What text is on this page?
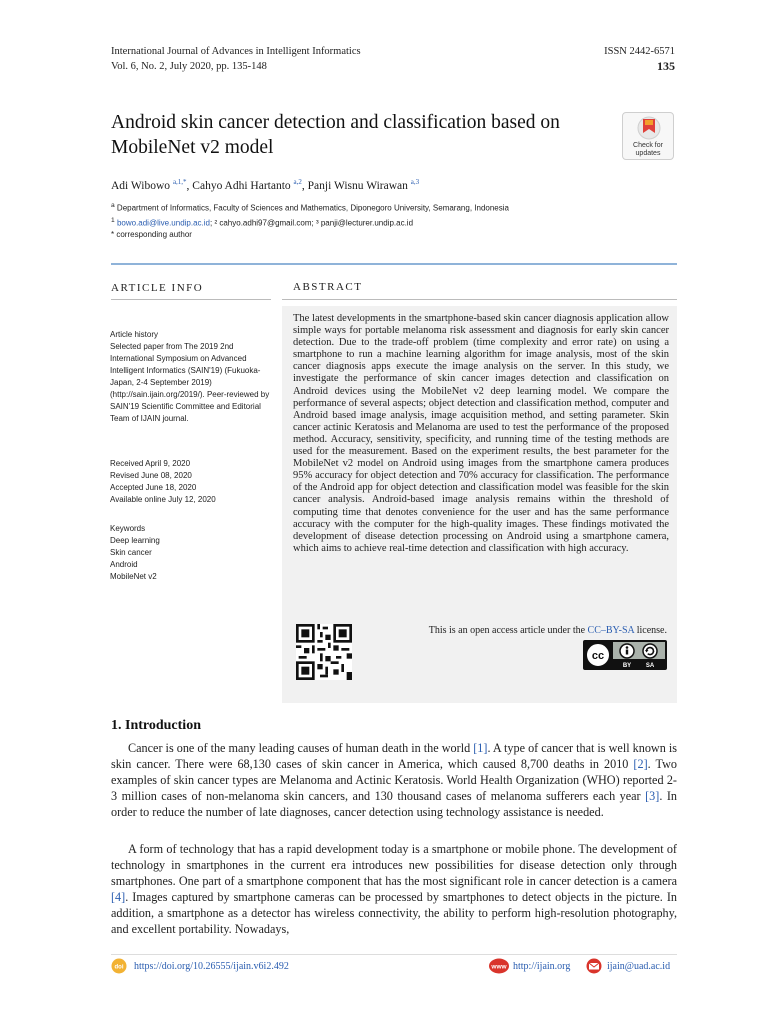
International Journal of Advances in Intelligent Informatics
Vol. 6, No. 2, July 2020, pp. 135-148
ISSN 2442-6571
135
Android skin cancer detection and classification based on MobileNet v2 model	Check for
updates
Adi Wibowo $^{a,1,*}$, Cahyo Adhi Hartanto $^{a,2}$, Panji Wisnu Wirawan $^{a,3}$
$^a$ Department of Informatics, Faculty of Sciences and Mathematics, Diponegoro University, Semarang, Indonesia
$^1$ bowo.adi@live.undip.ac.id; ² cahyo.adhi97@gmail.com; ³ panji@lecturer.undip.ac.id
* corresponding author
ARTICLE INFO	ABSTRACT
Article history
Selected paper from The 2019 2nd International Symposium on Advanced Intelligent Informatics (SAIN'19) (Fukuoka-Japan, 2-4 September 2019) (http://sain.ijain.org/2019/). Peer-reviewed by SAIN'19 Scientific Committee and Editorial Team of IJAIN journal.
Received April 9, 2020
Revised June 08, 2020
Accepted June 18, 2020
Available online July 12, 2020
Keywords
Deep learning
Skin cancer
Android
MobileNet v2
The latest developments in the smartphone-based skin cancer diagnosis application allow simple ways for portable melanoma risk assessment and diagnosis for early skin cancer detection. Due to the trade-off problem (time complexity and error rate) on using a smartphone to run a machine learning algorithm for image analysis, most of the skin cancer diagnosis apps execute the image analysis on the server. In this study, we investigate the performance of skin cancer images detection and classification on Android devices using the MobileNet v2 deep learning model. We compare the performance of several aspects; object detection and classification method, computer and Android based image analysis, image acquisition method, and setting parameter. Skin cancer actinic Keratosis and Melanoma are used to test the performance of the proposed method. Accuracy, sensitivity, specificity, and running time of the testing methods are used for the measurement. Based on the experiment results, the best parameter for the MobileNet v2 model on Android using images from the smartphone camera produces 95% accuracy for object detection and 70% accuracy for classification. The performance of the Android app for object detection and classification model was feasible for the skin cancer analysis. Android-based image analysis remains within the threshold of computing time that denotes convenience for the user and has the same performance accuracy with the computer for the high-quality images. These findings motivated the development of disease detection processing on Android using a smartphone camera, which aims to achieve real-time detection and classification with high accuracy.
This is an open access article under the CC–BY-SA license.
cc
BY SA
1. Introduction
Cancer is one of the many leading causes of human death in the world [1]. A type of cancer that is well known is skin cancer. There were 68,130 cases of skin cancer in America, which caused 8,700 deaths in 2010 [2]. Two examples of skin cancer types are Melanoma and Actinic Keratosis. World Health Organization (WHO) reported 2-3 million cases of non-melanoma skin cancers, and 130 thousand cases of melanoma sufferers each year [3]. In order to reduce the number of late diagnoses, cancer detection using technology assistance is needed.
A form of technology that has a rapid development today is a smartphone or mobile phone. The development of technology in smartphones in the current era introduces new possibilities for disease detection only through smartphones. One part of a smartphone component that has the most significant role in cancer detection is a camera [4]. Images captured by smartphone cameras can be processed by smartphones to detect objects in the picture. In addition, a smartphone as a detector has wireless connectivity, the ability to perform high-resolution photography, and excellent portability. Nowadays,
doi https://doi.org/10.26555/ijain.v6i2.492	www http://ijain.org	ijain@uad.ac.id
